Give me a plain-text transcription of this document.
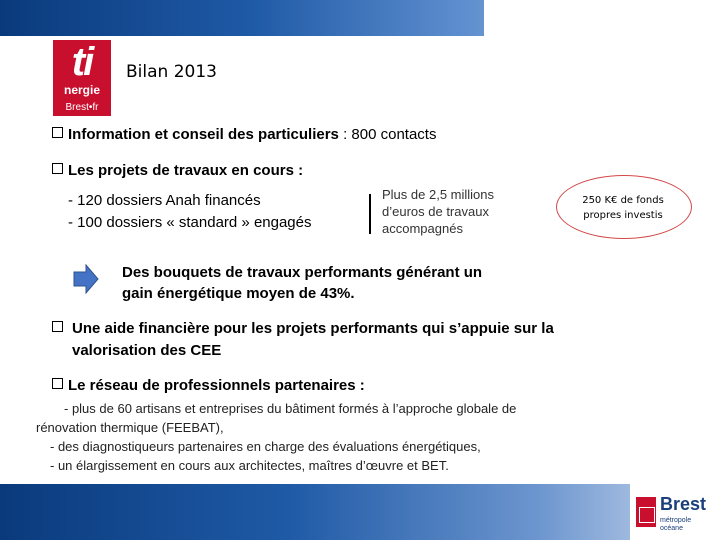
ti
nergie
Brest•fr
Bilan 2013
Information et conseil des particuliers : 800 contacts
Les projets de travaux en cours :
- 120 dossiers Anah financés
- 100 dossiers « standard » engagés
Plus de 2,5 millions
d’euros de travaux
accompagnés
250 K€ de fonds
propres investis
Des bouquets de travaux performants générant un
gain énergétique moyen de 43%.
Une aide financière pour les projets performants qui s’appuie sur la
valorisation des CEE
Le réseau de professionnels partenaires :
- plus de 60 artisans et entreprises du bâtiment formés à l’approche globale de
rénovation thermique (FEEBAT),
- des diagnostiqueurs partenaires en charge des évaluations énergétiques,
- un élargissement en cours aux architectes, maîtres d’œuvre et BET.
Brest
métropole
océane
